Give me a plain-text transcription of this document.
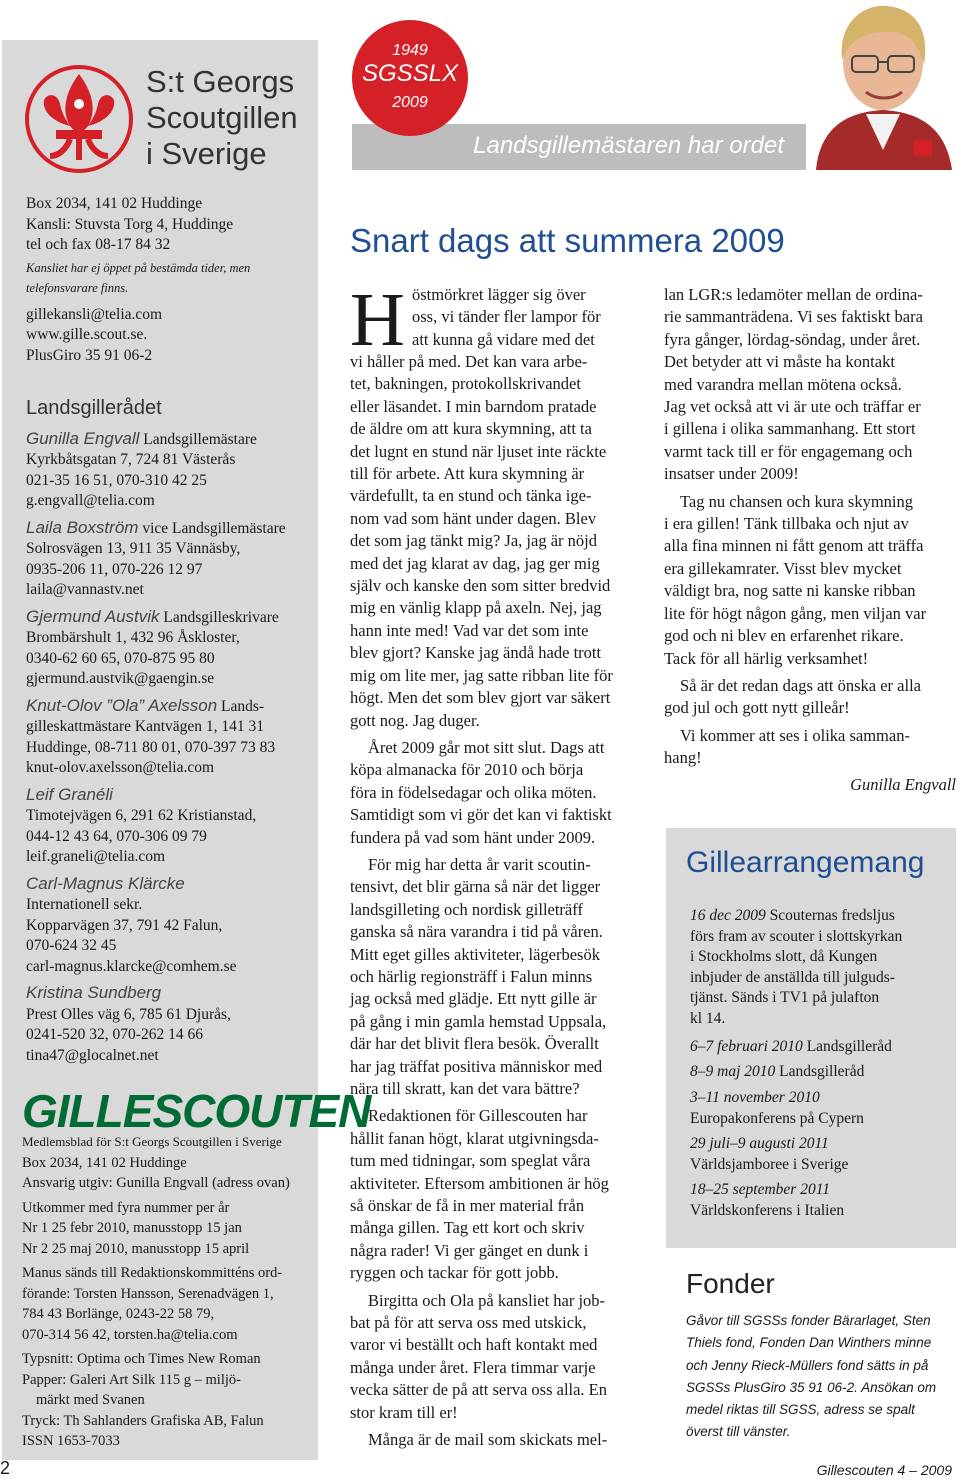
S:t Georgs
Scoutgillen
i Sverige
Box 2034, 141 02 Huddinge
Kansli: Stuvsta Torg 4, Huddinge
tel och fax 08-17 84 32
Kansliet har ej öppet på bestämda tider, men
telefonsvarare finns.
gillekansli@telia.com
www.gille.scout.se.
PlusGiro 35 91 06-2
Landsgillerådet
Gunilla Engvall Landsgillemästare
Kyrkbåtsgatan 7, 724 81 Västerås
021-35 16 51, 070-310 42 25
g.engvall@telia.com
Laila Boxström vice Landsgillemästare
Solrosvägen 13, 911 35 Vännäsby,
0935-206 11, 070-226 12 97
laila@vannastv.net
Gjermund Austvik Landsgilleskrivare
Brombärshult 1, 432 96 Åskloster,
0340-62 60 65, 070-875 95 80
gjermund.austvik@gaengin.se
Knut-Olov ”Ola” Axelsson Lands-
gilleskattmästare Kantvägen 1, 141 31
Huddinge, 08-711 80 01, 070-397 73 83
knut-olov.axelsson@telia.com
Leif Granéli
Timotejvägen 6, 291 62 Kristianstad,
044-12 43 64, 070-306 09 79
leif.graneli@telia.com
Carl-Magnus Klärcke
Internationell sekr.
Kopparvägen 37, 791 42 Falun,
070-624 32 45
carl-magnus.klarcke@comhem.se
Kristina Sundberg
Prest Olles väg 6, 785 61 Djurås,
0241-520 32, 070-262 14 66
tina47@glocalnet.net
GILLESCOUTEN
Medlemsblad för S:t Georgs Scoutgillen i Sverige
Box 2034, 141 02 Huddinge
Ansvarig utgiv: Gunilla Engvall (adress ovan)
Utkommer med fyra nummer per år
Nr 1 25 febr 2010, manusstopp 15 jan
Nr 2 25 maj 2010, manusstopp 15 april
Manus sänds till Redaktionskommitténs ord-
förande: Torsten Hansson, Serenadvägen 1,
784 43 Borlänge, 0243-22 58 79,
070-314 56 42, torsten.ha@telia.com
Typsnitt: Optima och Times New Roman
Papper: Galeri Art Silk 115 g – miljö-
märkt med Svanen
Tryck: Th Sahlanders Grafiska AB, Falun
ISSN 1653-7033
2
Landsgillemästaren har ordet
1949
SGSSLX
2009
Snart dags att summera 2009
H östmörkret lägger sig över
oss, vi tänder fler lampor för
att kunna gå vidare med det
vi håller på med. Det kan vara arbe-
tet, bakningen, protokollskrivandet
eller läsandet. I min barndom pratade
de äldre om att kura skymning, att ta
det lugnt en stund när ljuset inte räckte
till för arbete. Att kura skymning är
värdefullt, ta en stund och tänka ige-
nom vad som hänt under dagen. Blev
det som jag tänkt mig? Ja, jag är nöjd
med det jag klarat av dag, jag ger mig
själv och kanske den som sitter bredvid
mig en vänlig klapp på axeln. Nej, jag
hann inte med! Vad var det som inte
blev gjort? Kanske jag ändå hade trott
mig om lite mer, jag satte ribban lite för
högt. Men det som blev gjort var säkert
gott nog. Jag duger.
Året 2009 går mot sitt slut. Dags att
köpa almanacka för 2010 och börja
föra in födelsedagar och olika möten.
Samtidigt som vi gör det kan vi faktiskt
fundera på vad som hänt under 2009.
För mig har detta år varit scoutin-
tensivt, det blir gärna så när det ligger
landsgilleting och nordisk gilleträff
ganska så nära varandra i tid på våren.
Mitt eget gilles aktiviteter, lägerbesök
och härlig regionsträff i Falun minns
jag också med glädje. Ett nytt gille är
på gång i min gamla hemstad Uppsala,
där har det blivit flera besök. Överallt
har jag träffat positiva människor med
nära till skratt, kan det vara bättre?
Redaktionen för Gillescouten har
hållit fanan högt, klarat utgivningsda-
tum med tidningar, som speglat våra
aktiviteter. Eftersom ambitionen är hög
så önskar de få in mer material från
många gillen. Tag ett kort och skriv
några rader! Vi ger gänget en dunk i
ryggen och tackar för gott jobb.
Birgitta och Ola på kansliet har job-
bat på för att serva oss med utskick,
varor vi beställt och haft kontakt med
många under året. Flera timmar varje
vecka sätter de på att serva oss alla. En
stor kram till er!
Många är de mail som skickats mel-
lan LGR:s ledamöter mellan de ordina-
rie sammanträdena. Vi ses faktiskt bara
fyra gånger, lördag-söndag, under året.
Det betyder att vi måste ha kontakt
med varandra mellan mötena också.
Jag vet också att vi är ute och träffar er
i gillena i olika sammanhang. Ett stort
varmt tack till er för engagemang och
insatser under 2009!
Tag nu chansen och kura skymning
i era gillen! Tänk tillbaka och njut av
alla fina minnen ni fått genom att träffa
era gillekamrater. Visst blev mycket
väldigt bra, nog satte ni kanske ribban
lite för högt någon gång, men viljan var
god och ni blev en erfarenhet rikare.
Tack för all härlig verksamhet!
Så är det redan dags att önska er alla
god jul och gott nytt gilleår!
Vi kommer att ses i olika samman-
hang!
Gunilla Engvall
Gillearrangemang
16 dec 2009 Scouternas fredsljus
förs fram av scouter i slottskyrkan
i Stockholms slott, då Kungen
inbjuder de anställda till julguds-
tjänst. Sänds i TV1 på julafton
kl 14.
6–7 februari 2010 Landsgilleråd
8–9 maj 2010 Landsgilleråd
3–11 november 2010
Europakonferens på Cypern
29 juli–9 augusti 2011
Världsjamboree i Sverige
18–25 september 2011
Världskonferens i Italien
Fonder
Gåvor till SGSSs fonder Bärarlaget, Sten
Thiels fond, Fonden Dan Winthers minne
och Jenny Rieck-Müllers fond sätts in på
SGSSs PlusGiro 35 91 06-2. Ansökan om
medel riktas till SGSS, adress se spalt
överst till vänster.
Gillescouten 4 – 2009
